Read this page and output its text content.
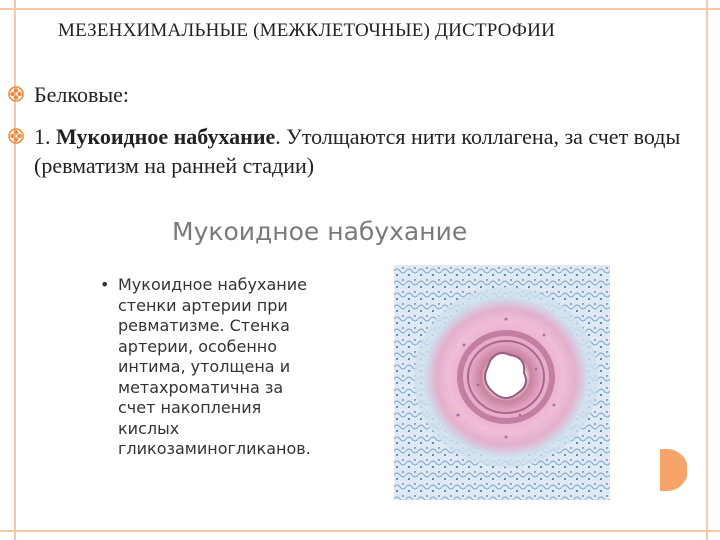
МЕЗЕНХИМАЛЬНЫЕ (МЕЖКЛЕТОЧНЫЕ) ДИСТРОФИИ
Белковые:
1. Мукоидное набухание. Утолщаются нити коллагена, за счет воды (ревматизм на ранней стадии)
Мукоидное набухание
• Мукоидное набухание
стенки артерии при
ревматизме. Стенка
артерии, особенно
интима, утолщена и
метахроматична за
счет накопления
кислых
гликозаминогликанов.
